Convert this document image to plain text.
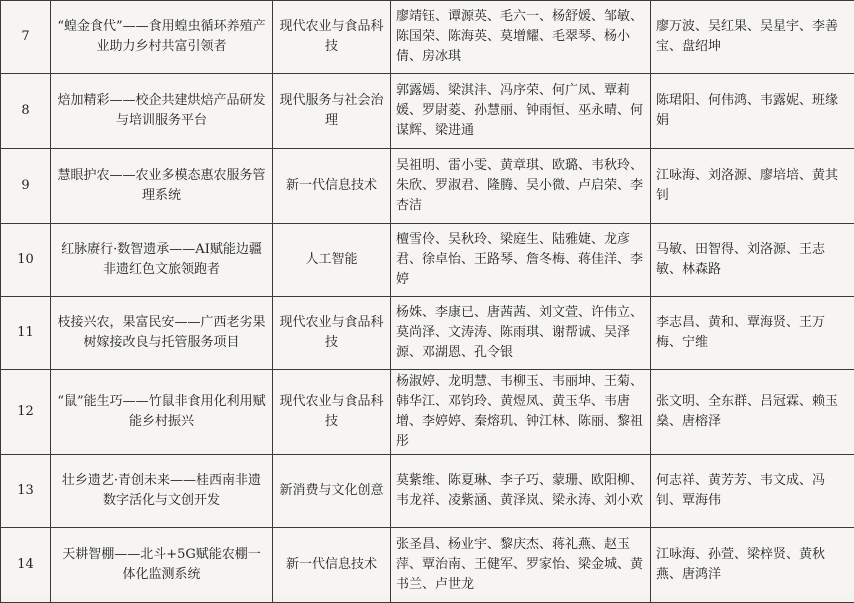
7	“蝗金食代”——食用蝗虫循环养殖产业助力乡村共富引领者	现代农业与食品科技	廖靖钰、谭源英、毛六一、杨舒媛、邹敏、陈国荣、陈海英、莫增耀、毛翠琴、杨小倩、房冰琪	廖万波、吴红果、吴星宇、李善宝、盘绍坤
8	焙加精彩——校企共建烘焙产品研发与培训服务平台	现代服务与社会治理	郭露嫣、梁淇沣、冯序荣、何广凤、覃莉媛、罗尉菱、孙慧丽、钟雨恒、巫永晴、何谋辉、梁进通	陈珺阳、何伟鸿、韦露妮、班缘娟
9	慧眼护农——农业多模态惠农服务管理系统	新一代信息技术	吴祖明、雷小雯、黄章琪、欧璐、韦秋玲、朱欣、罗淑君、隆腾、吴小微、卢启荣、李杏洁	江咏海、刘洛源、廖培培、黄其钊
10	红脉赓行·数智遗承——AI赋能边疆非遗红色文旅领跑者	人工智能	檀雪伶、吴秋玲、梁庭生、陆雅婕、龙彦君、徐卓怡、王路琴、詹冬梅、蒋佳洋、李婷	马敏、田智得、刘洛源、王志敏、林森路
11	枝接兴农，果富民安——广西老劣果树嫁接改良与托管服务项目	现代农业与食品科技	杨姝、李康已、唐茜茜、刘文萱、许伟立、莫尚泽、文涛涛、陈雨琪、谢帮诚、吴泽源、邓湖恩、孔令银	李志昌、黄和、覃海贤、王万梅、宁维
12	“鼠”能生巧——竹鼠非食用化利用赋能乡村振兴	现代农业与食品科技	杨淑婷、龙明慧、韦柳玉、韦丽坤、王菊、韩华江、邓钧玲、黄煜凤、黄玉华、韦唐增、李婷婷、秦熔玑、钟江林、陈丽、黎祖彤	张文明、全东群、吕冠霖、赖玉燊、唐榕泽
13	壮乡遗艺·青创未来——桂西南非遗数字活化与文创开发	新消费与文化创意	莫紫维、陈夏琳、李子巧、蒙珊、欧阳柳、韦龙祥、凌紫涵、黄泽岚、梁永涛、刘小欢	何志祥、黄芳芳、韦文成、冯钊、覃海伟
14	天耕智棚——北斗+5G赋能农棚一体化监测系统	新一代信息技术	张圣昌、杨业宇、黎庆杰、蒋礼燕、赵玉萍、覃治南、王健军、罗家怡、梁金城、黄书兰、卢世龙	江咏海、孙萱、梁梓贤、黄秋燕、唐鸿洋
